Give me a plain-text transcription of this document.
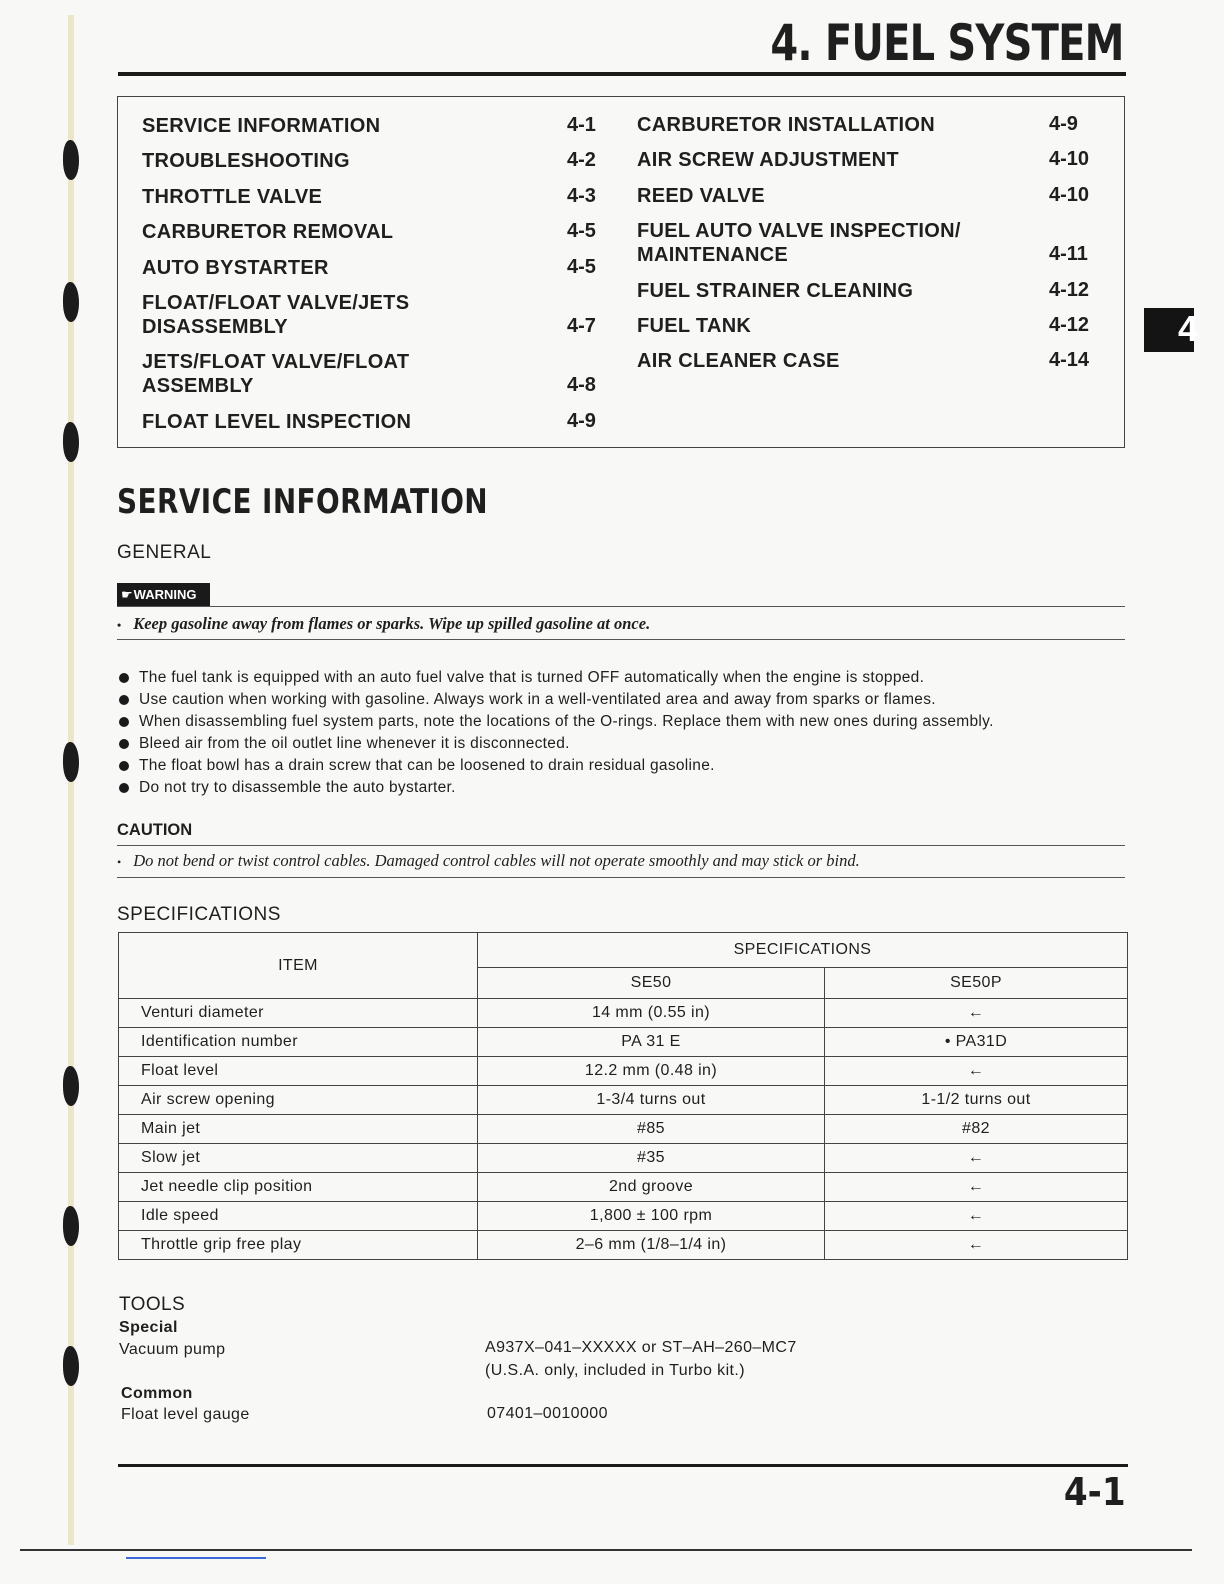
4. FUEL SYSTEM
SERVICE INFORMATION	4-1
TROUBLESHOOTING	4-2
THROTTLE VALVE	4-3
CARBURETOR REMOVAL	4-5
AUTO BYSTARTER	4-5
FLOAT/FLOAT VALVE/JETS
DISASSEMBLY	4-7
JETS/FLOAT VALVE/FLOAT
ASSEMBLY	4-8
FLOAT LEVEL INSPECTION	4-9
CARBURETOR INSTALLATION	4-9
AIR SCREW ADJUSTMENT	4-10
REED VALVE	4-10
FUEL AUTO VALVE INSPECTION/
MAINTENANCE	4-11
FUEL STRAINER CLEANING	4-12
FUEL TANK	4-12
AIR CLEANER CASE	4-14
4
SERVICE INFORMATION
GENERAL
☛WARNING
• Keep gasoline away from flames or sparks. Wipe up spilled gasoline at once.
The fuel tank is equipped with an auto fuel valve that is turned OFF automatically when the engine is stopped.
Use caution when working with gasoline. Always work in a well-ventilated area and away from sparks or flames.
When disassembling fuel system parts, note the locations of the O-rings. Replace them with new ones during assembly.
Bleed air from the oil outlet line whenever it is disconnected.
The float bowl has a drain screw that can be loosened to drain residual gasoline.
Do not try to disassemble the auto bystarter.
CAUTION
• Do not bend or twist control cables. Damaged control cables will not operate smoothly and may stick or bind.
SPECIFICATIONS
ITEM	SPECIFICATIONS	
	SE50	SE50P
Venturi diameter	14 mm (0.55 in)	←
Identification number	PA 31 E	• PA31D
Float level	12.2 mm (0.48 in)	←
Air screw opening	1-3/4 turns out	1-1/2 turns out
Main jet	#85	#82
Slow jet	#35	←
Jet needle clip position	2nd groove	←
Idle speed	1,800 ± 100 rpm	←
Throttle grip free play	2–6 mm (1/8–1/4 in)	←
TOOLS
Special
Vacuum pump	A937X–041–XXXXX or ST–AH–260–MC7
(U.S.A. only, included in Turbo kit.)
Common
Float level gauge	07401–0010000
4-1
